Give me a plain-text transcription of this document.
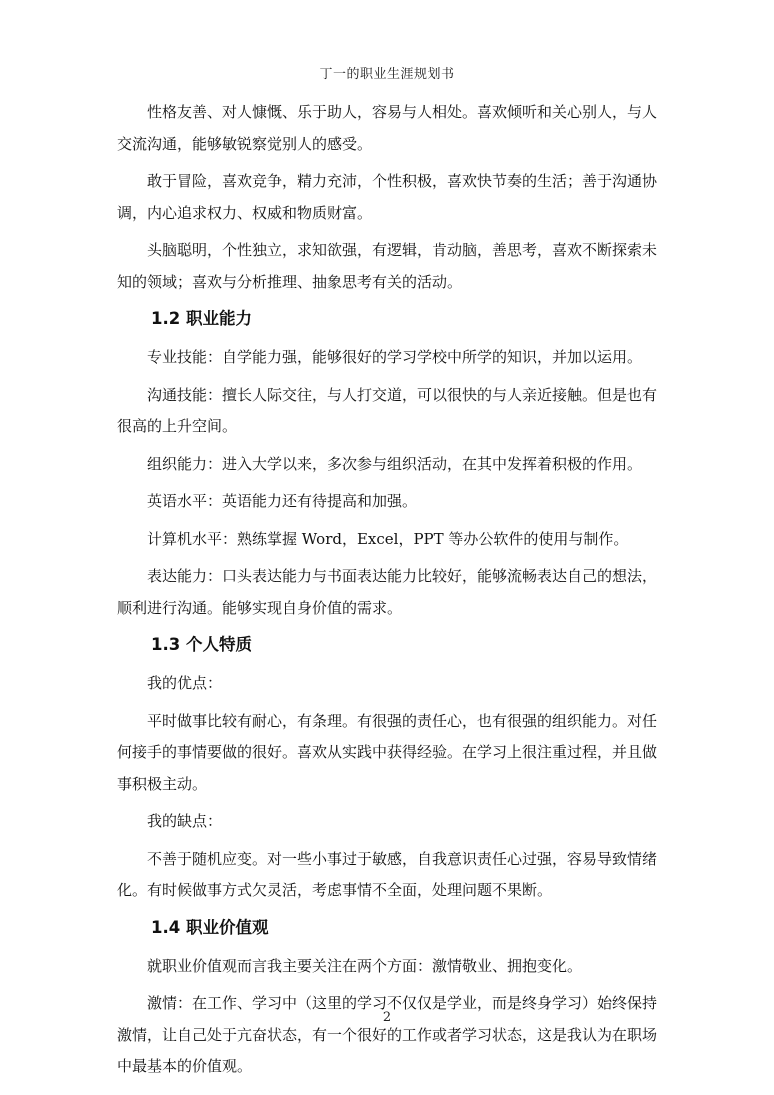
丁一的职业生涯规划书

性格友善、对人慷慨、乐于助人，容易与人相处。喜欢倾听和关心别人，与人交流沟通，能够敏锐察觉别人的感受。

敢于冒险，喜欢竞争，精力充沛，个性积极，喜欢快节奏的生活；善于沟通协调，内心追求权力、权威和物质财富。

头脑聪明，个性独立，求知欲强，有逻辑，肯动脑，善思考，喜欢不断探索未知的领域；喜欢与分析推理、抽象思考有关的活动。

1.2 职业能力

专业技能：自学能力强，能够很好的学习学校中所学的知识，并加以运用。

沟通技能：擅长人际交往，与人打交道，可以很快的与人亲近接触。但是也有很高的上升空间。

组织能力：进入大学以来，多次参与组织活动，在其中发挥着积极的作用。

英语水平：英语能力还有待提高和加强。

计算机水平：熟练掌握 Word，Excel，PPT 等办公软件的使用与制作。

表达能力：口头表达能力与书面表达能力比较好，能够流畅表达自己的想法，顺利进行沟通。能够实现自身价值的需求。

1.3 个人特质

我的优点：

平时做事比较有耐心，有条理。有很强的责任心，也有很强的组织能力。对任何接手的事情要做的很好。喜欢从实践中获得经验。在学习上很注重过程，并且做事积极主动。

我的缺点：

不善于随机应变。对一些小事过于敏感，自我意识责任心过强，容易导致情绪化。有时候做事方式欠灵活，考虑事情不全面，处理问题不果断。

1.4 职业价值观

就职业价值观而言我主要关注在两个方面：激情敬业、拥抱变化。

激情：在工作、学习中（这里的学习不仅仅是学业，而是终身学习）始终保持激情，让自己处于亢奋状态，有一个很好的工作或者学习状态，这是我认为在职场中最基本的价值观。

2
